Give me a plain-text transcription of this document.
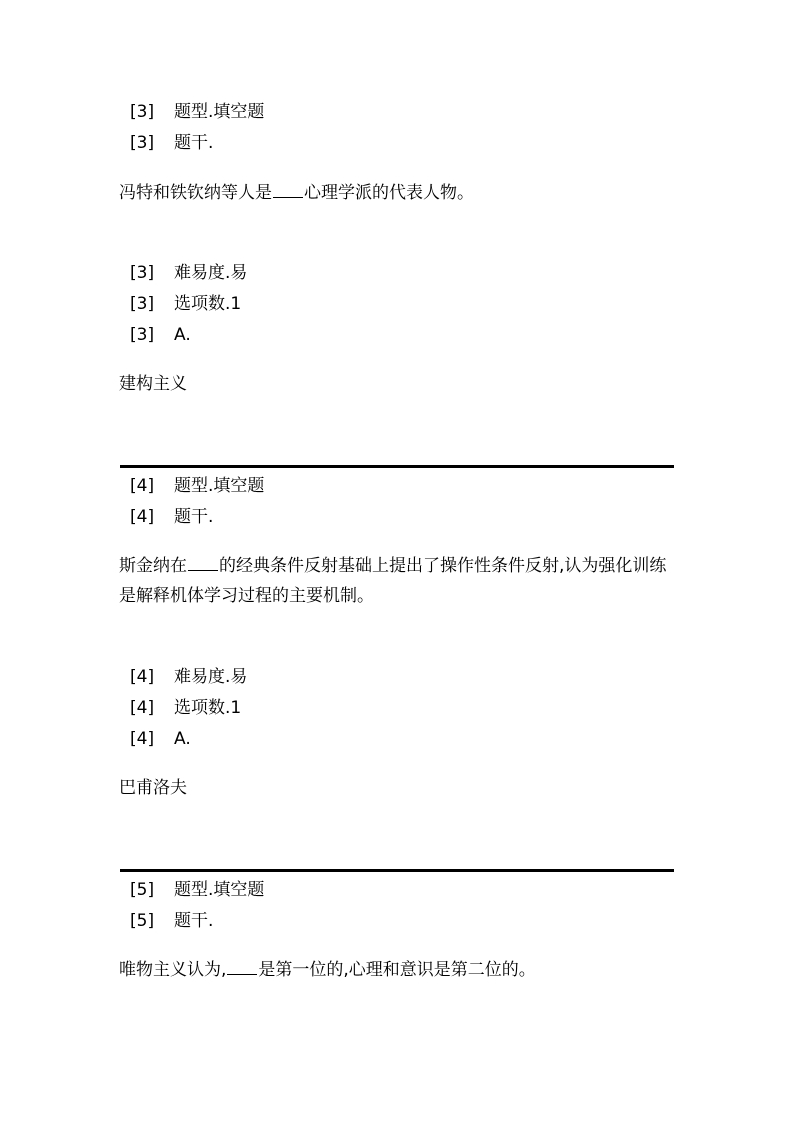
[3] 题型.填空题
[3] 题干.
冯特和铁钦纳等人是 心理学派的代表人物。
[3] 难易度.易
[3] 选项数.1
[3] A.
建构主义
[4] 题型.填空题
[4] 题干.
斯金纳在 的经典条件反射基础上提出了操作性条件反射,认为强化训练是解释机体学习过程的主要机制。
[4] 难易度.易
[4] 选项数.1
[4] A.
巴甫洛夫
[5] 题型.填空题
[5] 题干.
唯物主义认为, 是第一位的,心理和意识是第二位的。
